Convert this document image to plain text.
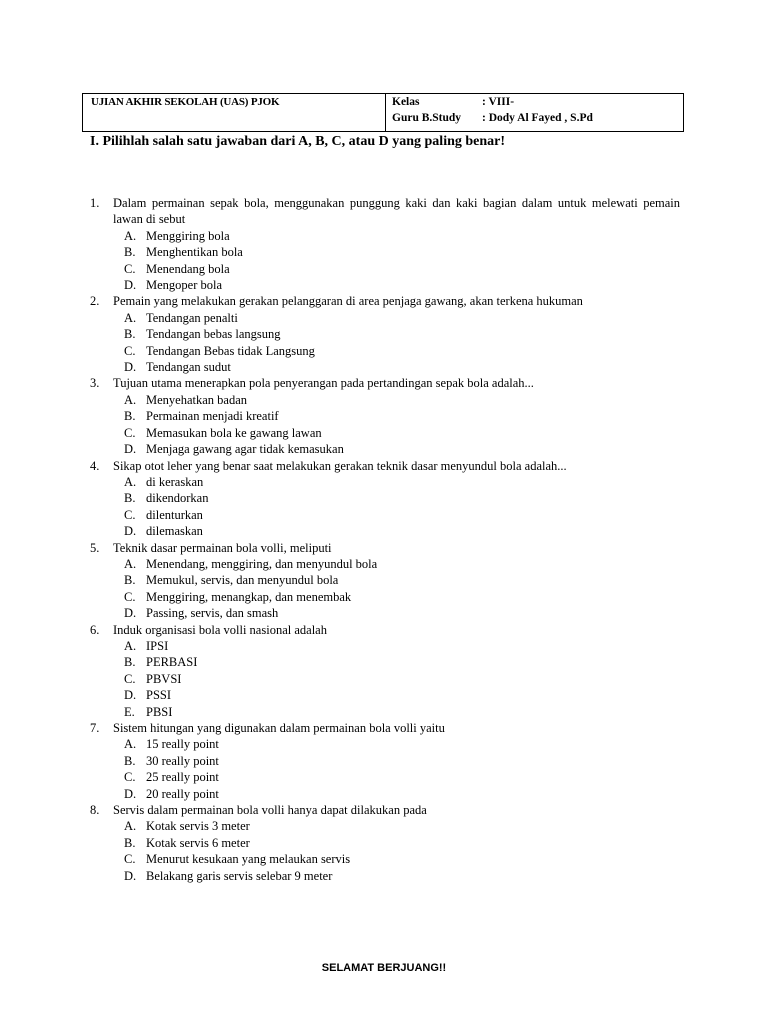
UJIAN AKHIR SEKOLAH (UAS) PJOK	Kelas	: VIII-
Guru B.Study : Dody Al Fayed , S.Pd
I. Pilihlah salah satu jawaban dari A, B, C, atau D yang paling benar!
1. Dalam permainan sepak bola, menggunakan punggung kaki dan kaki bagian dalam untuk melewati pemain lawan di sebut
A. Menggiring bola
B. Menghentikan bola
C. Menendang bola
D. Mengoper bola
2. Pemain yang melakukan gerakan pelanggaran di area penjaga gawang, akan terkena hukuman
A. Tendangan penalti
B. Tendangan bebas langsung
C. Tendangan Bebas tidak Langsung
D. Tendangan sudut
3. Tujuan utama menerapkan pola penyerangan pada pertandingan sepak bola adalah...
A. Menyehatkan badan
B. Permainan menjadi kreatif
C. Memasukan bola ke gawang lawan
D. Menjaga gawang agar tidak kemasukan
4. Sikap otot leher yang benar saat melakukan gerakan teknik dasar menyundul bola adalah...
A. di keraskan
B. dikendorkan
C. dilenturkan
D. dilemaskan
5. Teknik dasar permainan bola volli, meliputi
A. Menendang, menggiring, dan menyundul bola
B. Memukul, servis, dan menyundul bola
C. Menggiring, menangkap, dan menembak
D. Passing, servis, dan smash
6. Induk organisasi bola volli nasional adalah
A. IPSI
B. PERBASI
C. PBVSI
D. PSSI
E. PBSI
7. Sistem hitungan yang digunakan dalam permainan bola volli yaitu
A. 15 really point
B. 30 really point
C. 25 really point
D. 20 really point
8. Servis dalam permainan bola volli hanya dapat dilakukan pada
A. Kotak servis 3 meter
B. Kotak servis 6 meter
C. Menurut kesukaan yang melaukan servis
D. Belakang garis servis selebar 9 meter
SELAMAT BERJUANG!!
